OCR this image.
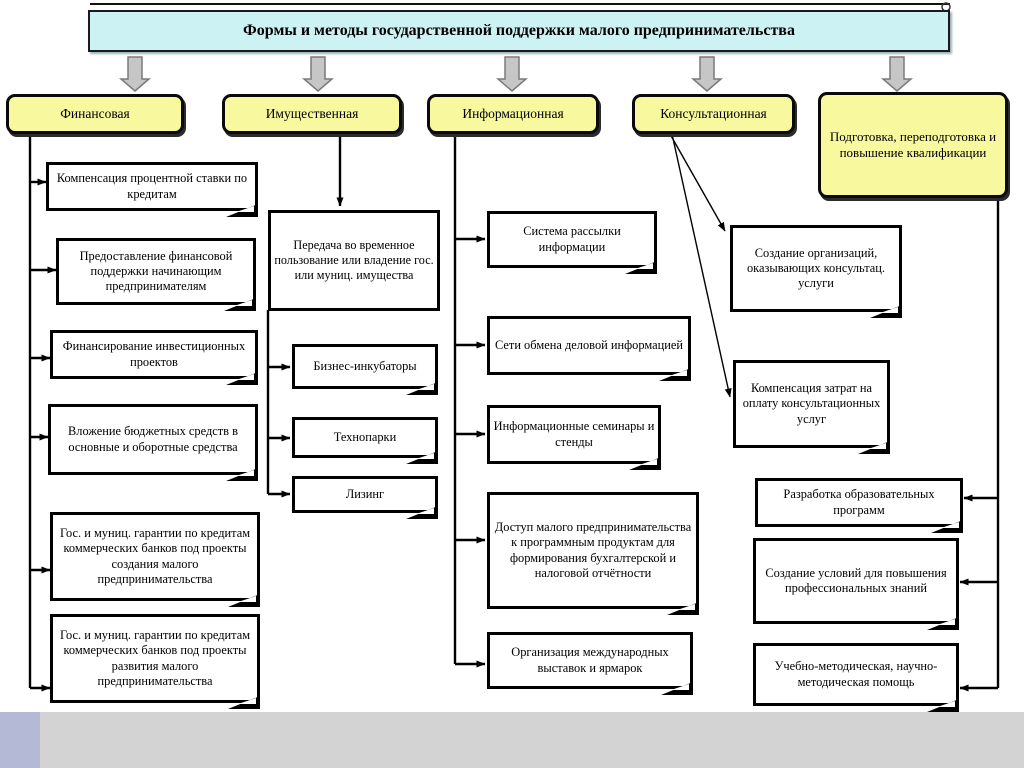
Формы и методы государственной поддержки малого предпринимательства
Финансовая	Имущественная	Информационная	Консультационная
Подготовка, переподготовка и повышение квалификации
Компенсация процентной ставки по кредитам
Предоставление финансовой поддержки начинающим предпринимателям
Финансирование инвестиционных проектов
Вложение бюджетных средств в основные и оборотные средства
Гос. и муниц. гарантии по кредитам коммерческих банков под проекты создания малого предпринимательства
Гос. и муниц. гарантии по кредитам коммерческих банков под проекты развития малого предпринимательства
Передача во временное пользование или владение гос. или муниц. имущества
Бизнес-инкубаторы
Технопарки
Лизинг
Система рассылки информации
Сети обмена деловой информацией
Информационные семинары и стенды
Доступ малого предпринимательства к программным продуктам для формирования бухгалтерской и налоговой отчётности
Организация международных выставок и ярмарок
Создание организаций, оказывающих консультац. услуги
Компенсация затрат на оплату консультационных услуг
Разработка образовательных программ
Создание условий для повышения профессиональных знаний
Учебно-методическая, научно-методическая помощь
